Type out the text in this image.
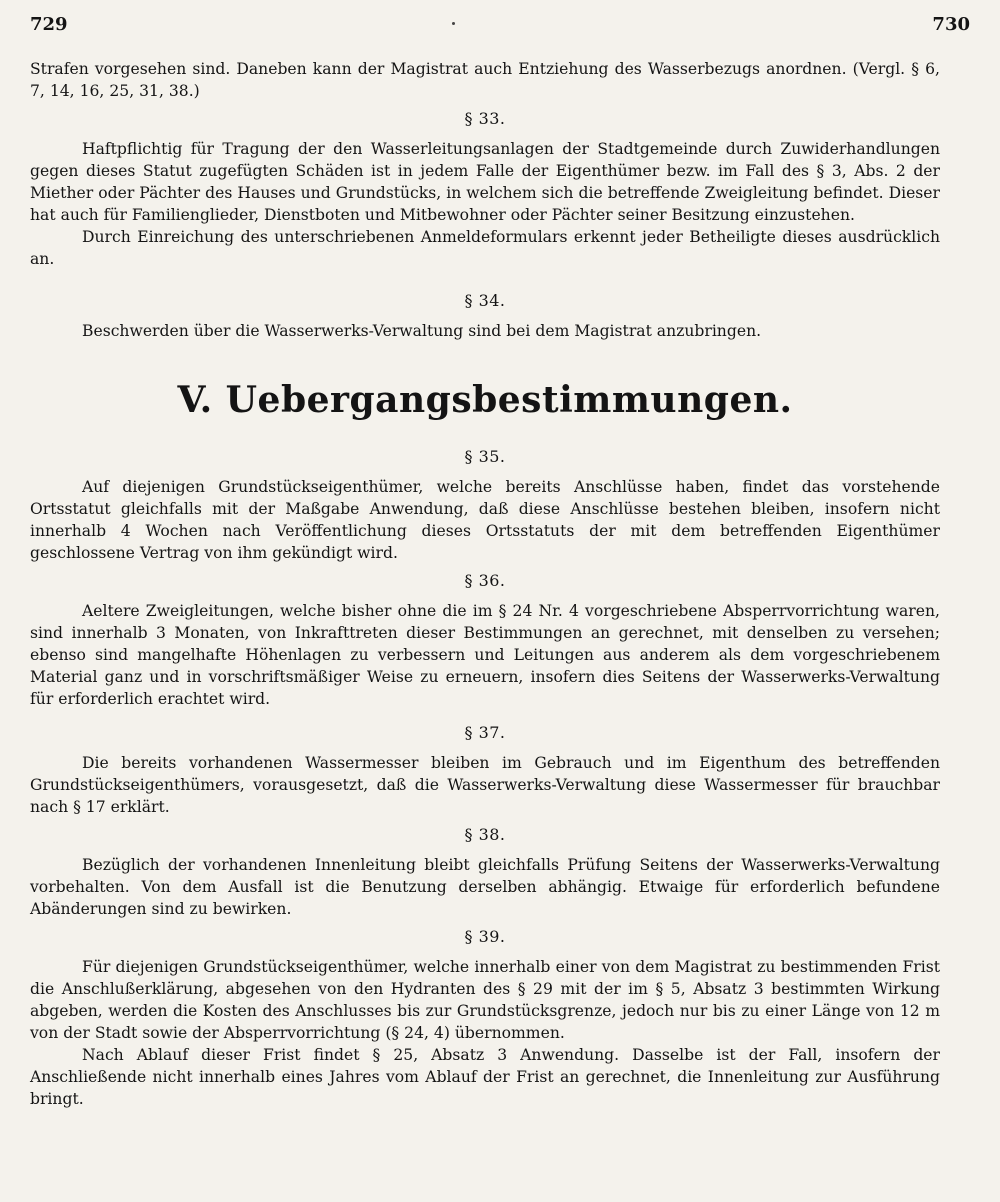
729	730

Strafen vorgesehen sind. Daneben kann der Magistrat auch Entziehung des Wasserbezugs anordnen. (Vergl. § 6, 7, 14, 16, 25, 31, 38.)

§ 33.

Haftpflichtig für Tragung der den Wasserleitungsanlagen der Stadtgemeinde durch Zuwiderhandlungen gegen dieses Statut zugefügten Schäden ist in jedem Falle der Eigenthümer bezw. im Fall des § 3, Abs. 2 der Miether oder Pächter des Hauses und Grundstücks, in welchem sich die betreffende Zweigleitung befindet. Dieser hat auch für Familienglieder, Dienstboten und Mitbewohner oder Pächter seiner Besitzung einzustehen.

Durch Einreichung des unterschriebenen Anmeldeformulars erkennt jeder Betheiligte dieses ausdrücklich an.

§ 34.

Beschwerden über die Wasserwerks-Verwaltung sind bei dem Magistrat anzubringen.

V. Uebergangsbestimmungen.

§ 35.

Auf diejenigen Grundstückseigenthümer, welche bereits Anschlüsse haben, findet das vorstehende Ortsstatut gleichfalls mit der Maßgabe Anwendung, daß diese Anschlüsse bestehen bleiben, insofern nicht innerhalb 4 Wochen nach Veröffentlichung dieses Ortsstatuts der mit dem betreffenden Eigenthümer geschlossene Vertrag von ihm gekündigt wird.

§ 36.

Aeltere Zweigleitungen, welche bisher ohne die im § 24 Nr. 4 vorgeschriebene Absperrvorrichtung waren, sind innerhalb 3 Monaten, von Inkrafttreten dieser Bestimmungen an gerechnet, mit denselben zu versehen; ebenso sind mangelhafte Höhenlagen zu verbessern und Leitungen aus anderem als dem vorgeschriebenem Material ganz und in vorschriftsmäßiger Weise zu erneuern, insofern dies Seitens der Wasserwerks-Verwaltung für erforderlich erachtet wird.

§ 37.

Die bereits vorhandenen Wassermesser bleiben im Gebrauch und im Eigenthum des betreffenden Grundstückseigenthümers, vorausgesetzt, daß die Wasserwerks-Verwaltung diese Wassermesser für brauchbar nach § 17 erklärt.

§ 38.

Bezüglich der vorhandenen Innenleitung bleibt gleichfalls Prüfung Seitens der Wasserwerks-Verwaltung vorbehalten. Von dem Ausfall ist die Benutzung derselben abhängig. Etwaige für erforderlich befundene Abänderungen sind zu bewirken.

§ 39.

Für diejenigen Grundstückseigenthümer, welche innerhalb einer von dem Magistrat zu bestimmenden Frist die Anschlußerklärung, abgesehen von den Hydranten des § 29 mit der im § 5, Absatz 3 bestimmten Wirkung abgeben, werden die Kosten des Anschlusses bis zur Grundstücksgrenze, jedoch nur bis zu einer Länge von 12 m von der Stadt sowie der Absperrvorrichtung (§ 24, 4) übernommen.

Nach Ablauf dieser Frist findet § 25, Absatz 3 Anwendung. Dasselbe ist der Fall, insofern der Anschließende nicht innerhalb eines Jahres vom Ablauf der Frist an gerechnet, die Innenleitung zur Ausführung bringt.
